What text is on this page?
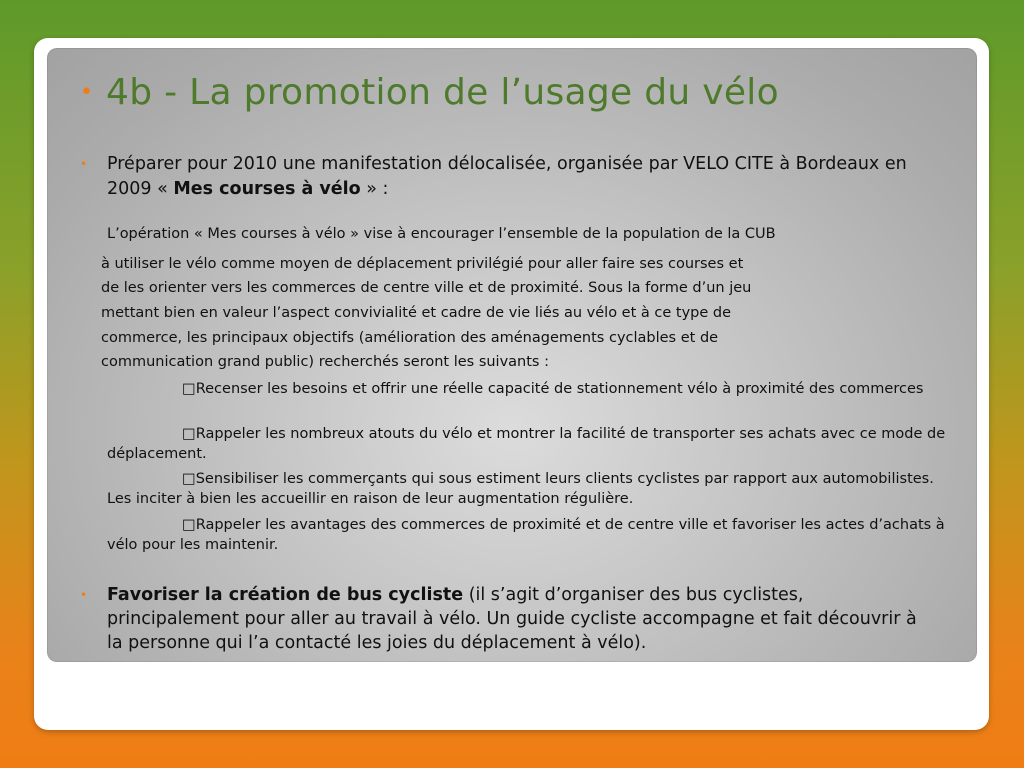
• 4b - La promotion de l’usage du vélo
• Préparer pour 2010 une manifestation délocalisée, organisée par VELO CITE à Bordeaux en 2009 « Mes courses à vélo » :

L’opération « Mes courses à vélo » vise à encourager l’ensemble de la population de la CUB

à utiliser le vélo comme moyen de déplacement privilégié pour aller faire ses courses et

de les orienter vers les commerces de centre ville et de proximité. Sous la forme d’un jeu

mettant bien en valeur l’aspect convivialité et cadre de vie liés au vélo et à ce type de

commerce, les principaux objectifs (amélioration des aménagements cyclables et de

communication grand public) recherchés seront les suivants :

□Recenser les besoins et offrir une réelle capacité de stationnement vélo à proximité des commerces

□Rappeler les nombreux atouts du vélo et montrer la facilité de transporter ses achats avec ce mode de déplacement.

□Sensibiliser les commerçants qui sous estiment leurs clients cyclistes par rapport aux automobilistes. Les inciter à bien les accueillir en raison de leur augmentation régulière.

□Rappeler les avantages des commerces de proximité et de centre ville et favoriser les actes d’achats à vélo pour les maintenir.

• Favoriser la création de bus cycliste (il s’agit d’organiser des bus cyclistes, principalement pour aller au travail à vélo. Un guide cycliste accompagne et fait découvrir à la personne qui l’a contacté les joies du déplacement à vélo).
